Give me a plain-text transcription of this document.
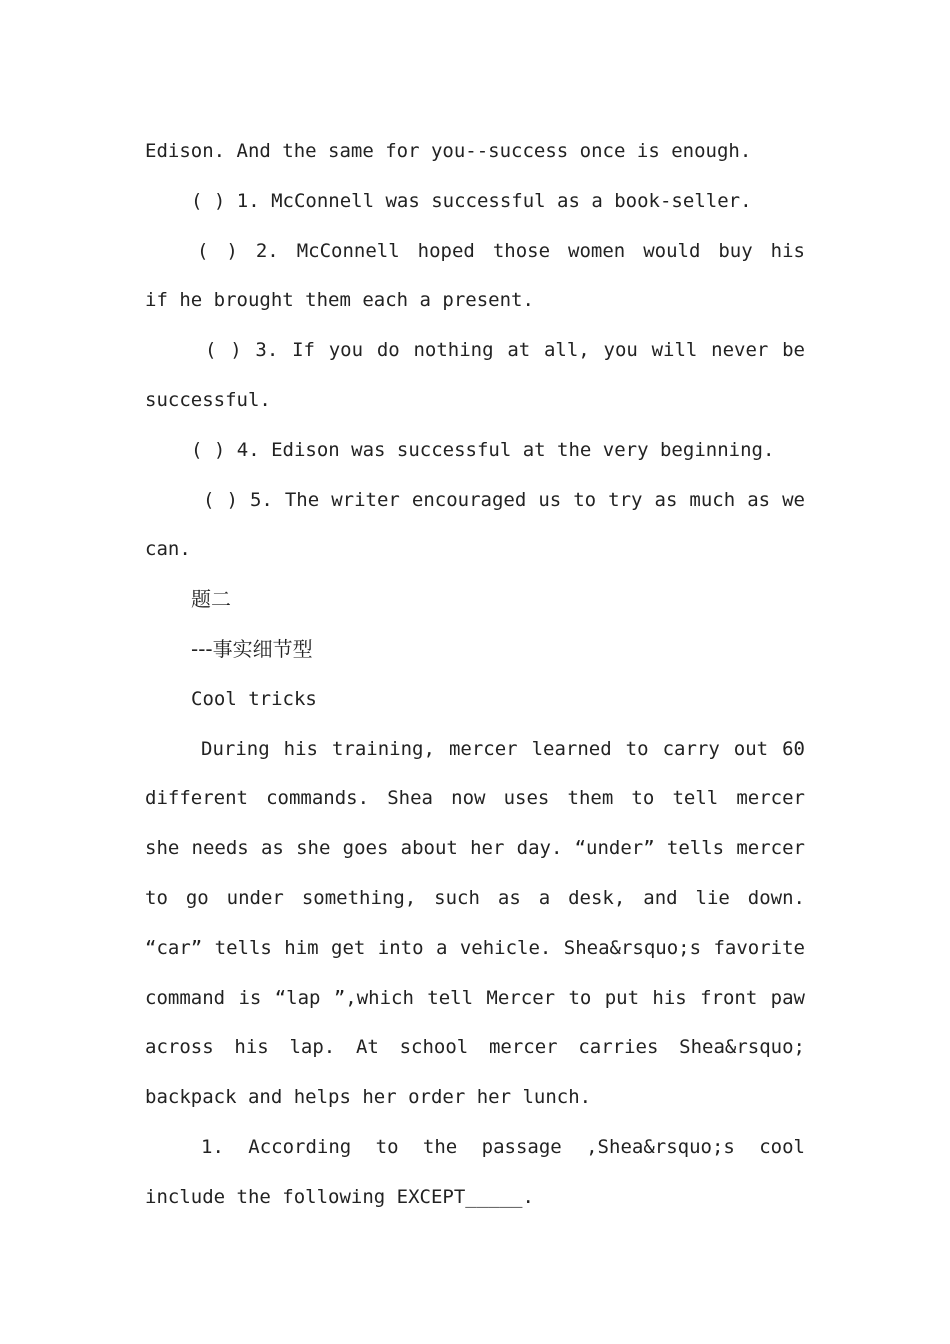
Edison. And the same for you--success once is enough.
( ) 1. McConnell was successful as a book-seller.
( ) 2. McConnell hoped those women would buy his
if he brought them each a present.
( ) 3. If you do nothing at all, you will never be
successful.
( ) 4. Edison was successful at the very beginning.
( ) 5. The writer encouraged us to try as much as we
can.
题二
---事实细节型
Cool tricks
During his training, mercer learned to carry out 60
different commands. Shea now uses them to tell mercer
she needs as she goes about her day. “under” tells mercer
to go under something, such as a desk, and lie down.
“car” tells him get into a vehicle. Shea&rsquo;s favorite
command is “lap ”,which tell Mercer to put his front paw
across his lap. At school mercer carries Shea&rsquo;
backpack and helps her order her lunch.
1. According to the passage ,Shea&rsquo;s cool
include the following EXCEPT_____.
